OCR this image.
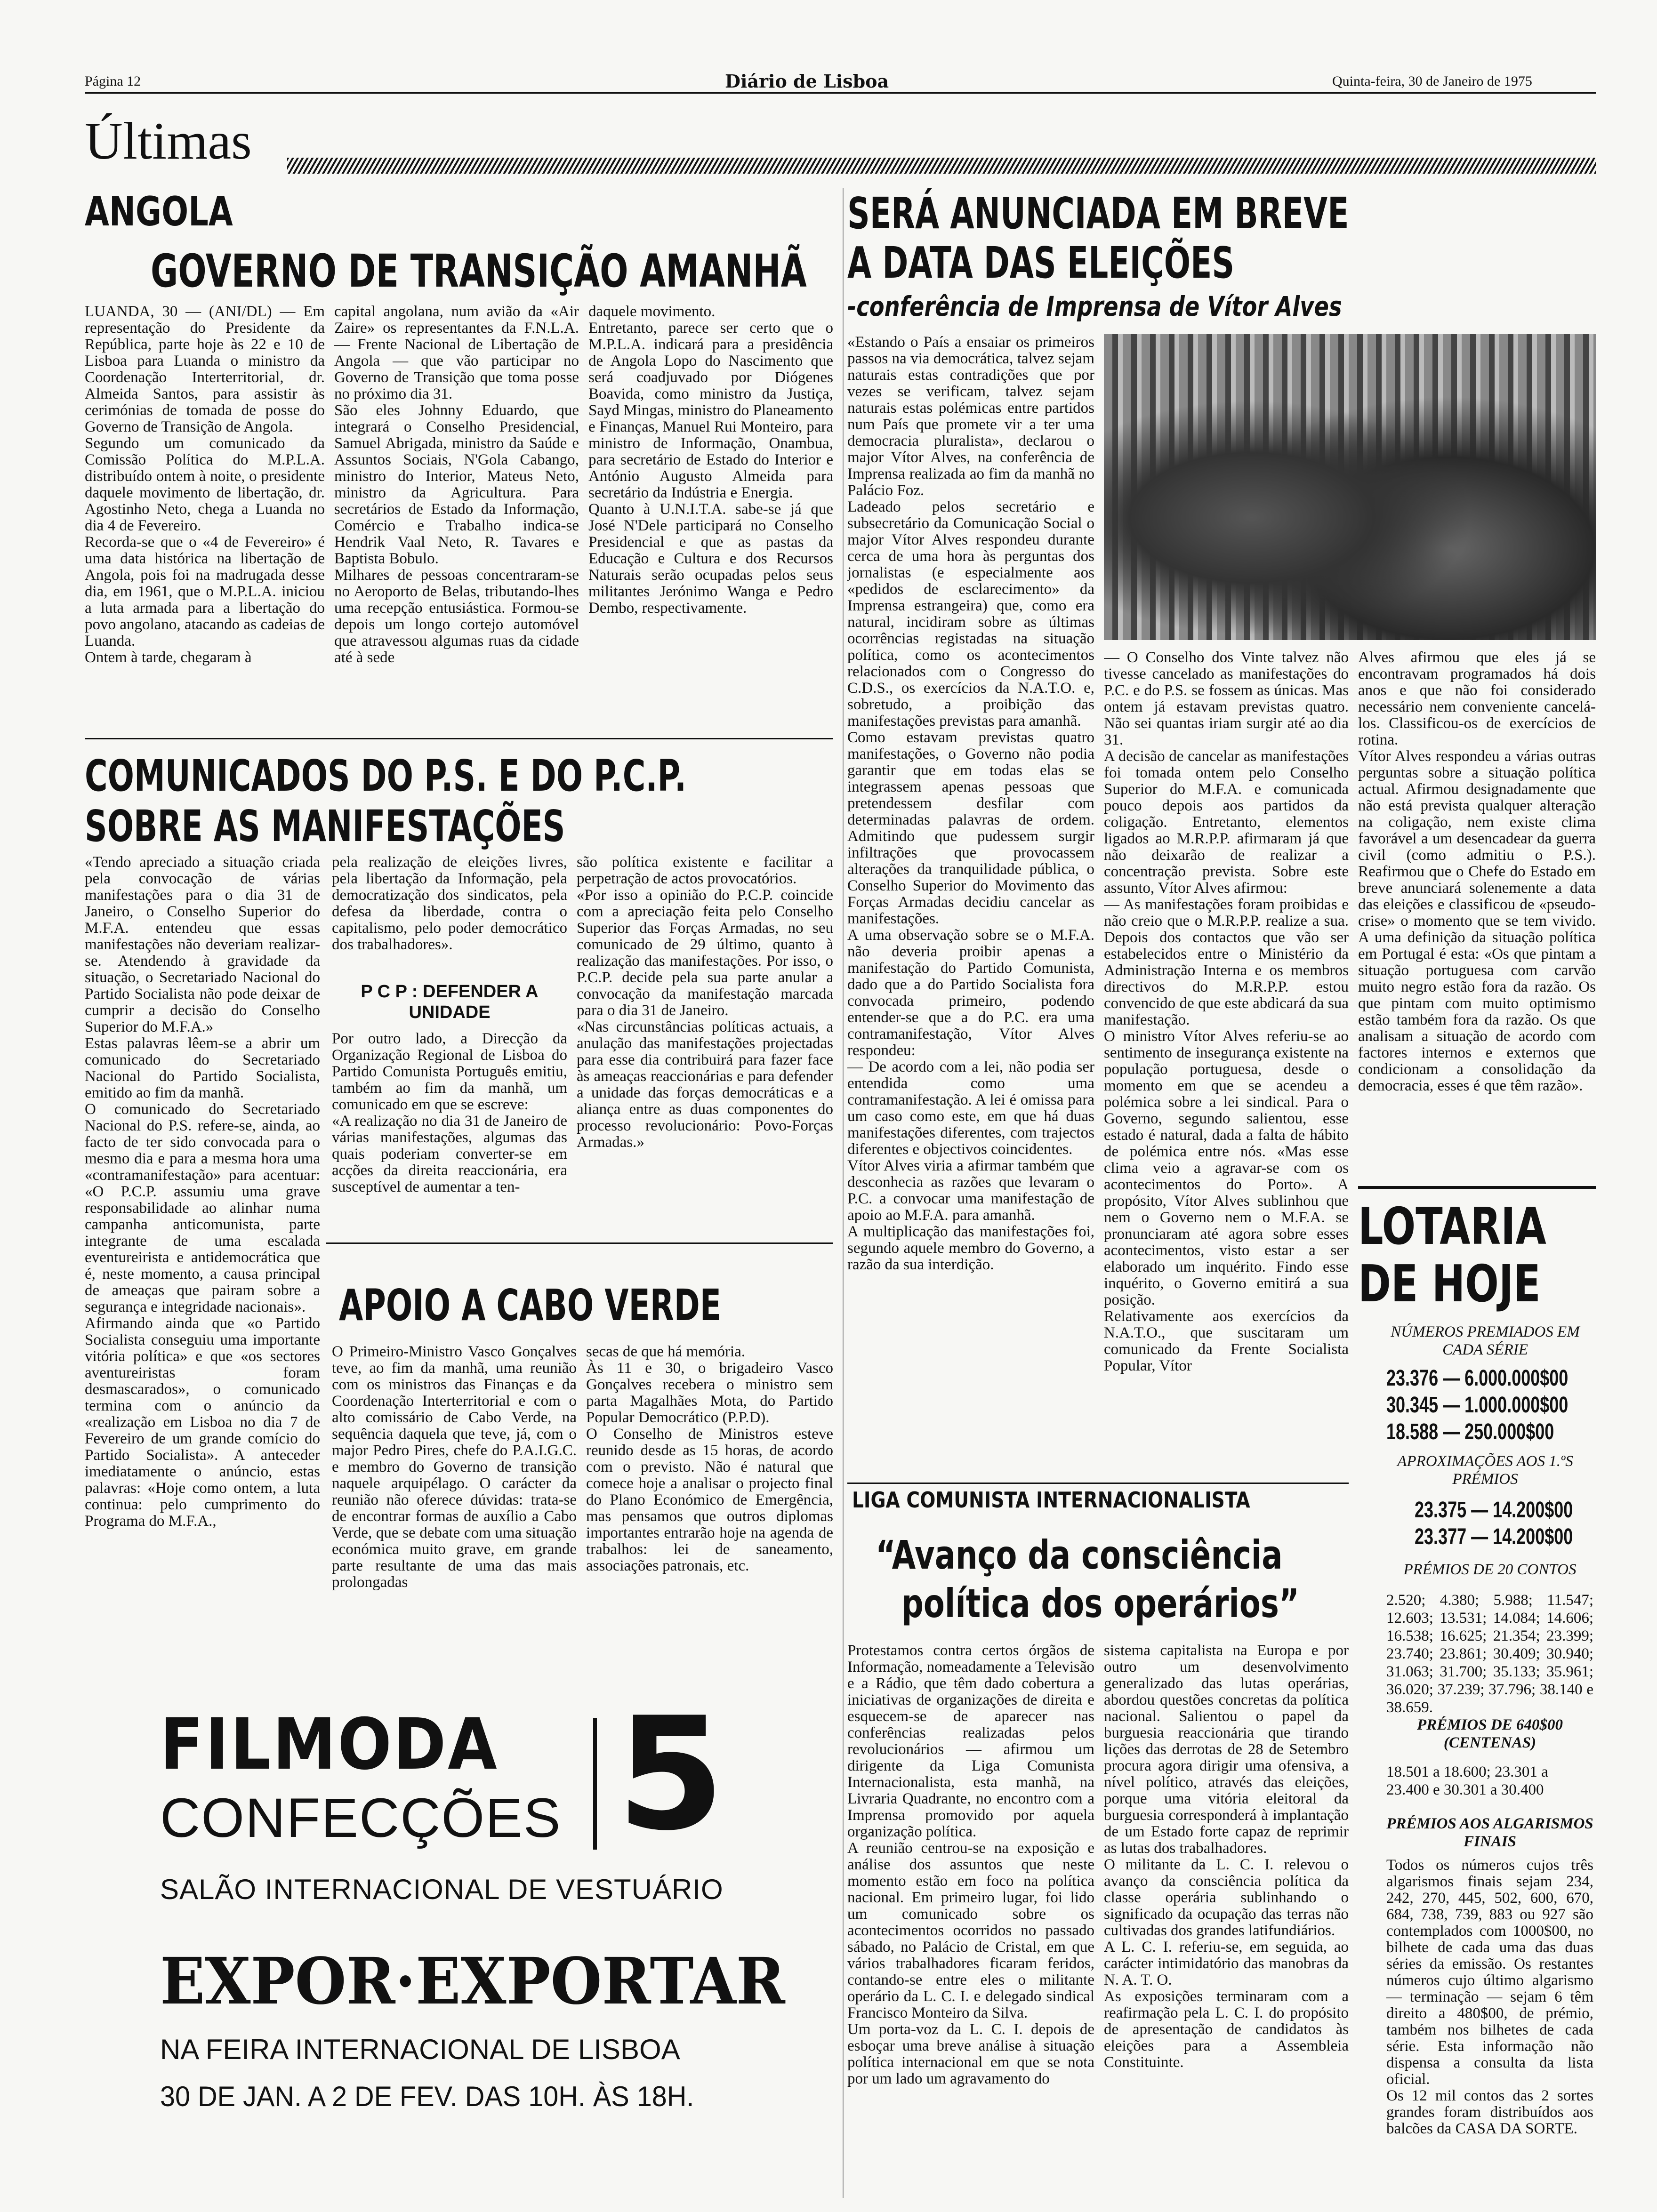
Página 12	Diário de Lisboa	Quinta-feira, 30 de Janeiro de 1975
Últimas
ANGOLA
GOVERNO DE TRANSIÇÃO AMANHÃ
LUANDA, 30 — (ANI/DL) — Em representação do Presidente da República, parte hoje às 22 e 10 de Lisboa para Luanda o ministro da Coordenação Interterritorial, dr. Almeida Santos, para assistir às cerimónias de tomada de posse do Governo de Transição de Angola.
Segundo um comunicado da Comissão Política do M.P.L.A. distribuído ontem à noite, o presidente daquele movimento de libertação, dr. Agostinho Neto, chega a Luanda no dia 4 de Fevereiro.
Recorda-se que o «4 de Fevereiro» é uma data histórica na libertação de Angola, pois foi na madrugada desse dia, em 1961, que o M.P.L.A. iniciou a luta armada para a libertação do povo angolano, atacando as cadeias de Luanda.
Ontem à tarde, chegaram à
capital angolana, num avião da «Air Zaire» os representantes da F.N.L.A. — Frente Nacional de Libertação de Angola — que vão participar no Governo de Transição que toma posse no próximo dia 31.
São eles Johnny Eduardo, que integrará o Conselho Presidencial, Samuel Abrigada, ministro da Saúde e Assuntos Sociais, N'Gola Cabango, ministro do Interior, Mateus Neto, ministro da Agricultura. Para secretários de Estado da Informação, Comércio e Trabalho indica-se Hendrik Vaal Neto, R. Tavares e Baptista Bobulo.
Milhares de pessoas concentraram-se no Aeroporto de Belas, tributando-lhes uma recepção entusiástica. Formou-se depois um longo cortejo automóvel que atravessou algumas ruas da cidade até à sede
daquele movimento.
Entretanto, parece ser certo que o M.P.L.A. indicará para a presidência de Angola Lopo do Nascimento que será coadjuvado por Diógenes Boavida, como ministro da Justiça, Sayd Mingas, ministro do Planeamento e Finanças, Manuel Rui Monteiro, para ministro de Informação, Onambua, para secretário de Estado do Interior e António Augusto Almeida para secretário da Indústria e Energia.
Quanto à U.N.I.T.A. sabe-se já que José N'Dele participará no Conselho Presidencial e que as pastas da Educação e Cultura e dos Recursos Naturais serão ocupadas pelos seus militantes Jerónimo Wanga e Pedro Dembo, respectivamente.
COMUNICADOS DO P.S. E DO P.C.P.
SOBRE AS MANIFESTAÇÕES
«Tendo apreciado a situação criada pela convocação de várias manifestações para o dia 31 de Janeiro, o Conselho Superior do M.F.A. entendeu que essas manifestações não deveriam realizar-se. Atendendo à gravidade da situação, o Secretariado Nacional do Partido Socialista não pode deixar de cumprir a decisão do Conselho Superior do M.F.A.»
Estas palavras lêem-se a abrir um comunicado do Secretariado Nacional do Partido Socialista, emitido ao fim da manhã.
O comunicado do Secretariado Nacional do P.S. refere-se, ainda, ao facto de ter sido convocada para o mesmo dia e para a mesma hora uma «contramanifestação» para acentuar: «O P.C.P. assumiu uma grave responsabilidade ao alinhar numa campanha anticomunista, parte integrante de uma escalada eventureirista e antidemocrática que é, neste momento, a causa principal de ameaças que pairam sobre a segurança e integridade nacionais».
Afirmando ainda que «o Partido Socialista conseguiu uma importante vitória política» e que «os sectores aventureiristas foram desmascarados», o comunicado termina com o anúncio da «realização em Lisboa no dia 7 de Fevereiro de um grande comício do Partido Socialista». A anteceder imediatamente o anúncio, estas palavras: «Hoje como ontem, a luta continua: pelo cumprimento do Programa do M.F.A.,
pela realização de eleições livres, pela libertação da Informação, pela democratização dos sindicatos, pela defesa da liberdade, contra o capitalismo, pelo poder democrático dos trabalhadores».
P C P : DEFENDER A UNIDADE
Por outro lado, a Direcção da Organização Regional de Lisboa do Partido Comunista Português emitiu, também ao fim da manhã, um comunicado em que se escreve:
«A realização no dia 31 de Janeiro de várias manifestações, algumas das quais poderiam converter-se em acções da direita reaccionária, era susceptível de aumentar a ten-
são política existente e facilitar a perpetração de actos provocatórios.
«Por isso a opinião do P.C.P. coincide com a apreciação feita pelo Conselho Superior das Forças Armadas, no seu comunicado de 29 último, quanto à realização das manifestações. Por isso, o P.C.P. decide pela sua parte anular a convocação da manifestação marcada para o dia 31 de Janeiro.
«Nas circunstâncias políticas actuais, a anulação das manifestações projectadas para esse dia contribuirá para fazer face às ameaças reaccionárias e para defender a unidade das forças democráticas e a aliança entre as duas componentes do processo revolucionário: Povo-Forças Armadas.»
APOIO A CABO VERDE
O Primeiro-Ministro Vasco Gonçalves teve, ao fim da manhã, uma reunião com os ministros das Finanças e da Coordenação Interterritorial e com o alto comissário de Cabo Verde, na sequência daquela que teve, já, com o major Pedro Pires, chefe do P.A.I.G.C. e membro do Governo de transição naquele arquipélago. O carácter da reunião não oferece dúvidas: trata-se de encontrar formas de auxílio a Cabo Verde, que se debate com uma situação económica muito grave, em grande parte resultante de uma das mais prolongadas
secas de que há memória.
Às 11 e 30, o brigadeiro Vasco Gonçalves recebera o ministro sem parta Magalhães Mota, do Partido Popular Democrático (P.P.D).
O Conselho de Ministros esteve reunido desde as 15 horas, de acordo com o previsto. Não é natural que comece hoje a analisar o projecto final do Plano Económico de Emergência, mas pensamos que outros diplomas importantes entrarão hoje na agenda de trabalhos: lei de saneamento, associações patronais, etc.
FILMODA
CONFECÇÕES 5
SALÃO INTERNACIONAL DE VESTUÁRIO
EXPOR·EXPORTAR
NA FEIRA INTERNACIONAL DE LISBOA
30 DE JAN. A 2 DE FEV. DAS 10H. ÀS 18H.
SERÁ ANUNCIADA EM BREVE
A DATA DAS ELEIÇÕES
-conferência de Imprensa de Vítor Alves
«Estando o País a ensaiar os primeiros passos na via democrática, talvez sejam naturais estas contradições que por vezes se verificam, talvez sejam naturais estas polémicas entre partidos num País que promete vir a ter uma democracia pluralista», declarou o major Vítor Alves, na conferência de Imprensa realizada ao fim da manhã no Palácio Foz.
Ladeado pelos secretário e subsecretário da Comunicação Social o major Vítor Alves respondeu durante cerca de uma hora às perguntas dos jornalistas (e especialmente aos «pedidos de esclarecimento» da Imprensa estrangeira) que, como era natural, incidiram sobre as últimas ocorrências registadas na situação política, como os acontecimentos relacionados com o Congresso do C.D.S., os exercícios da N.A.T.O. e, sobretudo, a proibição das manifestações previstas para amanhã.
Como estavam previstas quatro manifestações, o Governo não podia garantir que em todas elas se integrassem apenas pessoas que pretendessem desfilar com determinadas palavras de ordem. Admitindo que pudessem surgir infiltrações que provocassem alterações da tranquilidade pública, o Conselho Superior do Movimento das Forças Armadas decidiu cancelar as manifestações.
A uma observação sobre se o M.F.A. não deveria proibir apenas a manifestação do Partido Comunista, dado que a do Partido Socialista fora convocada primeiro, podendo entender-se que a do P.C. era uma contramanifestação, Vítor Alves respondeu:
— De acordo com a lei, não podia ser entendida como uma contramanifestação. A lei é omissa para um caso como este, em que há duas manifestações diferentes, com trajectos diferentes e objectivos coincidentes.
Vítor Alves viria a afirmar também que desconhecia as razões que levaram o P.C. a convocar uma manifestação de apoio ao M.F.A. para amanhã.
A multiplicação das manifestações foi, segundo aquele membro do Governo, a razão da sua interdição.
— O Conselho dos Vinte talvez não tivesse cancelado as manifestações do P.C. e do P.S. se fossem as únicas. Mas ontem já estavam previstas quatro. Não sei quantas iriam surgir até ao dia 31.
A decisão de cancelar as manifestações foi tomada ontem pelo Conselho Superior do M.F.A. e comunicada pouco depois aos partidos da coligação. Entretanto, elementos ligados ao M.R.P.P. afirmaram já que não deixarão de realizar a concentração prevista. Sobre este assunto, Vítor Alves afirmou:
— As manifestações foram proibidas e não creio que o M.R.P.P. realize a sua. Depois dos contactos que vão ser estabelecidos entre o Ministério da Administração Interna e os membros directivos do M.R.P.P. estou convencido de que este abdicará da sua manifestação.
O ministro Vítor Alves referiu-se ao sentimento de insegurança existente na população portuguesa, desde o momento em que se acendeu a polémica sobre a lei sindical. Para o Governo, segundo salientou, esse estado é natural, dada a falta de hábito de polémica entre nós. «Mas esse clima veio a agravar-se com os acontecimentos do Porto». A propósito, Vítor Alves sublinhou que nem o Governo nem o M.F.A. se pronunciaram até agora sobre esses acontecimentos, visto estar a ser elaborado um inquérito. Findo esse inquérito, o Governo emitirá a sua posição.
Relativamente aos exercícios da N.A.T.O., que suscitaram um comunicado da Frente Socialista Popular, Vítor
Alves afirmou que eles já se encontravam programados há dois anos e que não foi considerado necessário nem conveniente cancelá-los. Classificou-os de exercícios de rotina.
Vítor Alves respondeu a várias outras perguntas sobre a situação política actual. Afirmou designadamente que não está prevista qualquer alteração na coligação, nem existe clima favorável a um desencadear da guerra civil (como admitiu o P.S.). Reafirmou que o Chefe do Estado em breve anunciará solenemente a data das eleições e classificou de «pseudo-crise» o momento que se tem vivido. A uma definição da situação política em Portugal é esta: «Os que pintam a situação portuguesa com carvão muito negro estão fora da razão. Os que pintam com muito optimismo estão também fora da razão. Os que analisam a situação de acordo com factores internos e externos que condicionam a consolidação da democracia, esses é que têm razão».
LOTARIA
DE HOJE
NÚMEROS PREMIADOS EM CADA SÉRIE
23.376 — 6.000.000$00
30.345 — 1.000.000$00
18.588 — 250.000$00
APROXIMAÇÕES AOS 1.ºS PRÉMIOS
23.375 — 14.200$00
23.377 — 14.200$00
PRÉMIOS DE 20 CONTOS
2.520; 4.380; 5.988; 11.547; 12.603; 13.531; 14.084; 14.606; 16.538; 16.625; 21.354; 23.399; 23.740; 23.861; 30.409; 30.940; 31.063; 31.700; 35.133; 35.961; 36.020; 37.239; 37.796; 38.140 e 38.659.
PRÉMIOS DE 640$00 (CENTENAS)
18.501 a 18.600; 23.301 a 23.400 e 30.301 a 30.400
PRÉMIOS AOS ALGARISMOS FINAIS
Todos os números cujos três algarismos finais sejam 234, 242, 270, 445, 502, 600, 670, 684, 738, 739, 883 ou 927 são contemplados com 1000$00, no bilhete de cada uma das duas séries da emissão. Os restantes números cujo último algarismo — terminação — sejam 6 têm direito a 480$00, de prémio, também nos bilhetes de cada série. Esta informação não dispensa a consulta da lista oficial.
Os 12 mil contos das 2 sortes grandes foram distribuídos aos balcões da CASA DA SORTE.
LIGA COMUNISTA INTERNACIONALISTA
“Avanço da consciência
política dos operários”
Protestamos contra certos órgãos de Informação, nomeadamente a Televisão e a Rádio, que têm dado cobertura a iniciativas de organizações de direita e esquecem-se de aparecer nas conferências realizadas pelos revolucionários — afirmou um dirigente da Liga Comunista Internacionalista, esta manhã, na Livraria Quadrante, no encontro com a Imprensa promovido por aquela organização política.
A reunião centrou-se na exposição e análise dos assuntos que neste momento estão em foco na política nacional. Em primeiro lugar, foi lido um comunicado sobre os acontecimentos ocorridos no passado sábado, no Palácio de Cristal, em que vários trabalhadores ficaram feridos, contando-se entre eles o militante operário da L. C. I. e delegado sindical Francisco Monteiro da Silva.
Um porta-voz da L. C. I. depois de esboçar uma breve análise à situação política internacional em que se nota por um lado um agravamento do
sistema capitalista na Europa e por outro um desenvolvimento generalizado das lutas operárias, abordou questões concretas da política nacional. Salientou o papel da burguesia reaccionária que tirando lições das derrotas de 28 de Setembro procura agora dirigir uma ofensiva, a nível político, através das eleições, porque uma vitória eleitoral da burguesia corresponderá à implantação de um Estado forte capaz de reprimir as lutas dos trabalhadores.
O militante da L. C. I. relevou o avanço da consciência política da classe operária sublinhando o significado da ocupação das terras não cultivadas dos grandes latifundiários.
A L. C. I. referiu-se, em seguida, ao carácter intimidatório das manobras da N. A. T. O.
As exposições terminaram com a reafirmação pela L. C. I. do propósito de apresentação de candidatos às eleições para a Assembleia Constituinte.
